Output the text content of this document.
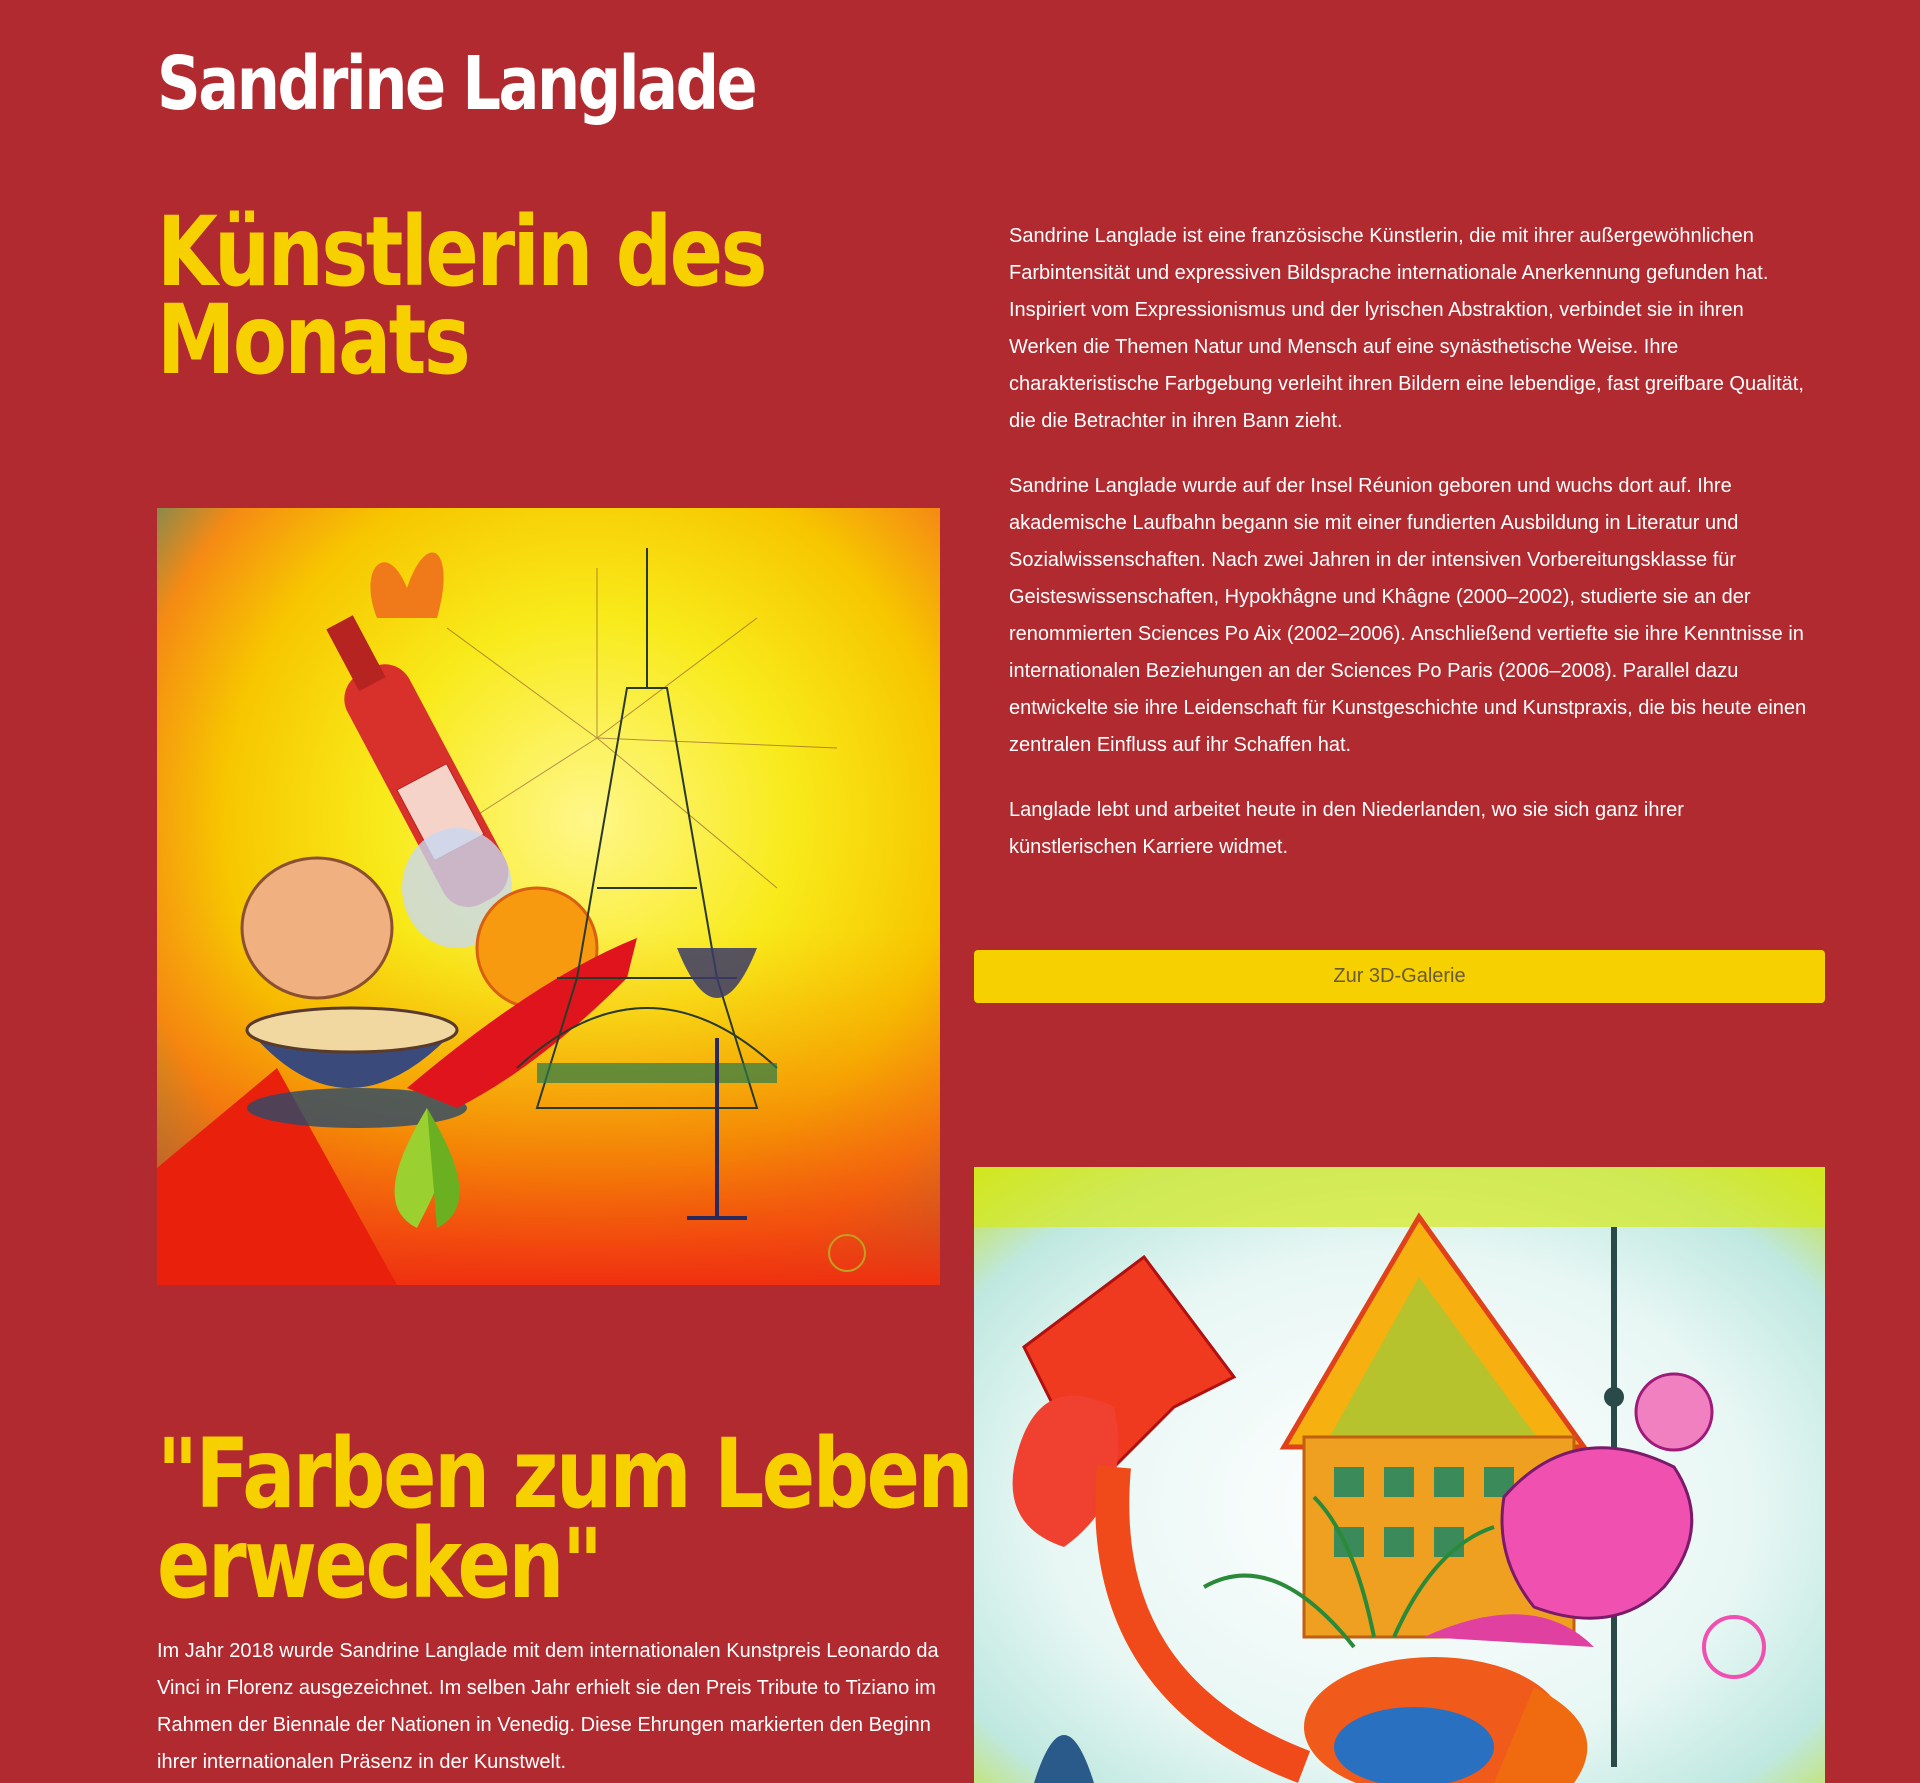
Sandrine Langlade
Künstlerin des
Monats

Sandrine Langlade ist eine französische Künstlerin, die mit ihrer außergewöhnlichen Farbintensität und expressiven Bildsprache internationale Anerkennung gefunden hat. Inspiriert vom Expressionismus und der lyrischen Abstraktion, verbindet sie in ihren Werken die Themen Natur und Mensch auf eine synästhetische Weise. Ihre charakteristische Farbgebung verleiht ihren Bildern eine lebendige, fast greifbare Qualität, die die Betrachter in ihren Bann zieht.

Sandrine Langlade wurde auf der Insel Réunion geboren und wuchs dort auf. Ihre akademische Laufbahn begann sie mit einer fundierten Ausbildung in Literatur und Sozialwissenschaften. Nach zwei Jahren in der intensiven Vorbereitungsklasse für Geisteswissenschaften, Hypokhâgne und Khâgne (2000–2002), studierte sie an der renommierten Sciences Po Aix (2002–2006). Anschließend vertiefte sie ihre Kenntnisse in internationalen Beziehungen an der Sciences Po Paris (2006–2008). Parallel dazu entwickelte sie ihre Leidenschaft für Kunstgeschichte und Kunstpraxis, die bis heute einen zentralen Einfluss auf ihr Schaffen hat.

Langlade lebt und arbeitet heute in den Niederlanden, wo sie sich ganz ihrer künstlerischen Karriere widmet.

Zur 3D-Galerie
"Farben zum Leben
erwecken"

Im Jahr 2018 wurde Sandrine Langlade mit dem internationalen Kunstpreis Leonardo da Vinci in Florenz ausgezeichnet. Im selben Jahr erhielt sie den Preis Tribute to Tiziano im Rahmen der Biennale der Nationen in Venedig. Diese Ehrungen markierten den Beginn ihrer internationalen Präsenz in der Kunstwelt.
